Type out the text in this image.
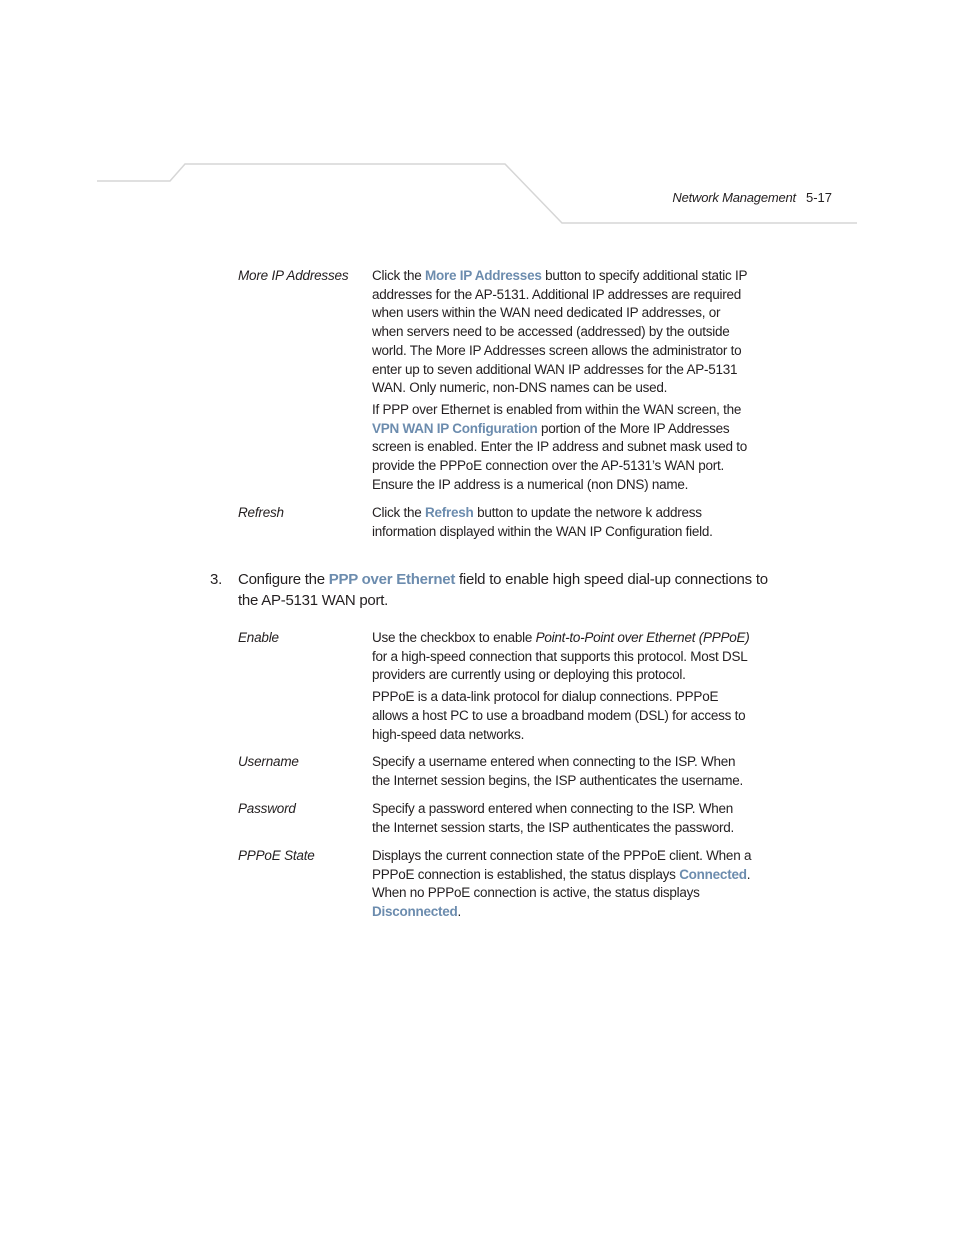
Network Management 5-17
More IP Addresses	Click the More IP Addresses button to specify additional static IP addresses for the AP-5131. Additional IP addresses are required when users within the WAN need dedicated IP addresses, or when servers need to be accessed (addressed) by the outside world. The More IP Addresses screen allows the administrator to enter up to seven additional WAN IP addresses for the AP-5131 WAN. Only numeric, non-DNS names can be used.

If PPP over Ethernet is enabled from within the WAN screen, the VPN WAN IP Configuration portion of the More IP Addresses screen is enabled. Enter the IP address and subnet mask used to provide the PPPoE connection over the AP-5131’s WAN port. Ensure the IP address is a numerical (non DNS) name.

Refresh	Click the Refresh button to update the networe k address information displayed within the WAN IP Configuration field.

3. Configure the PPP over Ethernet field to enable high speed dial-up connections to the AP-5131 WAN port.
Enable	Use the checkbox to enable Point-to-Point over Ethernet (PPPoE) for a high-speed connection that supports this protocol. Most DSL providers are currently using or deploying this protocol.

PPPoE is a data-link protocol for dialup connections. PPPoE allows a host PC to use a broadband modem (DSL) for access to high-speed data networks.

Username	Specify a username entered when connecting to the ISP. When the Internet session begins, the ISP authenticates the username.

Password	Specify a password entered when connecting to the ISP. When the Internet session starts, the ISP authenticates the password.

PPPoE State	Displays the current connection state of the PPPoE client. When a PPPoE connection is established, the status displays Connected. When no PPPoE connection is active, the status displays Disconnected.
